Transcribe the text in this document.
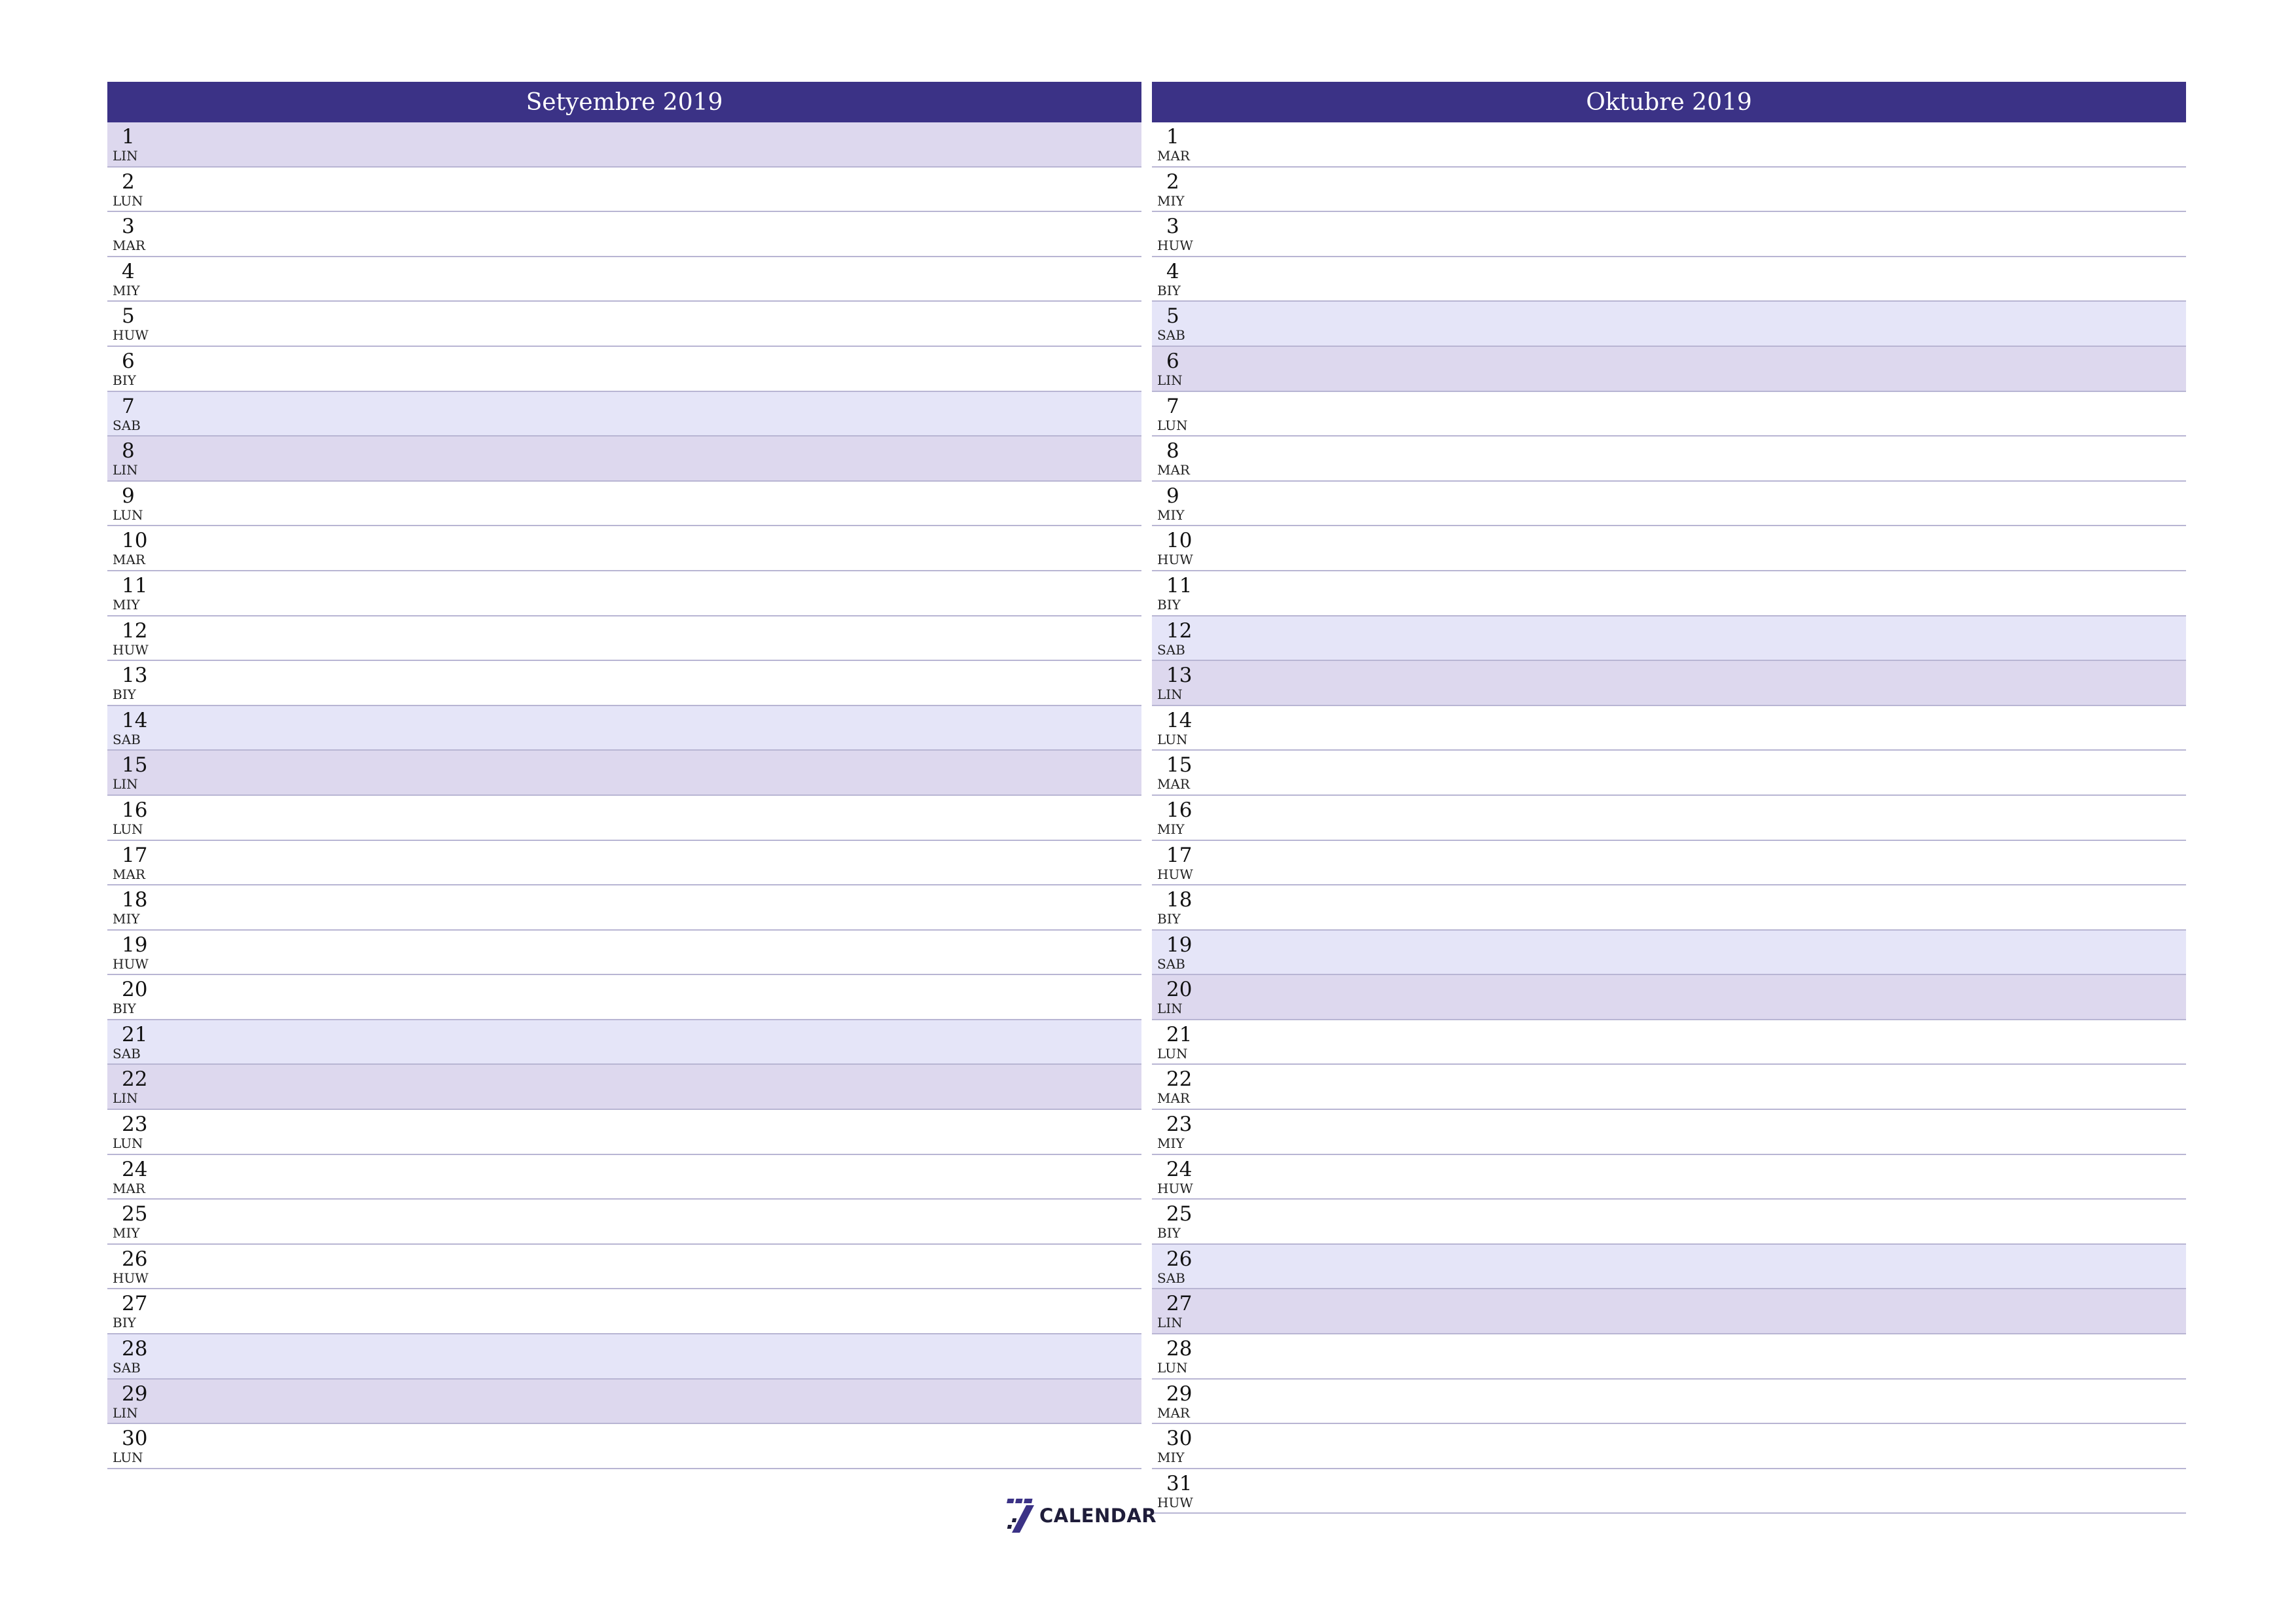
Setyembre 2019
1
LIN
2
LUN
3
MAR
4
MIY
5
HUW
6
BIY
7
SAB
8
LIN
9
LUN
10
MAR
11
MIY
12
HUW
13
BIY
14
SAB
15
LIN
16
LUN
17
MAR
18
MIY
19
HUW
20
BIY
21
SAB
22
LIN
23
LUN
24
MAR
25
MIY
26
HUW
27
BIY
28
SAB
29
LIN
30
LUN
Oktubre 2019
1
MAR
2
MIY
3
HUW
4
BIY
5
SAB
6
LIN
7
LUN
8
MAR
9
MIY
10
HUW
11
BIY
12
SAB
13
LIN
14
LUN
15
MAR
16
MIY
17
HUW
18
BIY
19
SAB
20
LIN
21
LUN
22
MAR
23
MIY
24
HUW
25
BIY
26
SAB
27
LIN
28
LUN
29
MAR
30
MIY
31
HUW
CALENDAR
